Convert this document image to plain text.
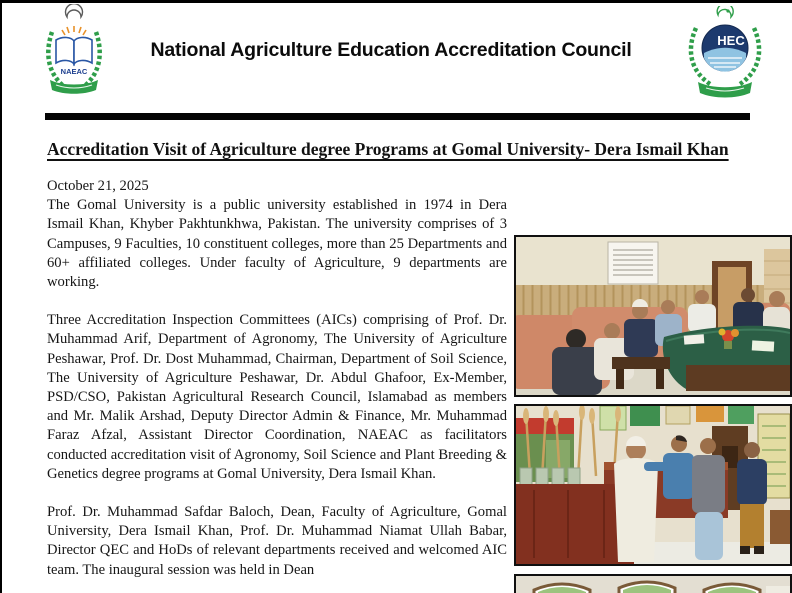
NAEAC
National Agriculture Education Accreditation Council	HEC
Accreditation Visit of Agriculture degree Programs at Gomal University- Dera Ismail Khan

October 21, 2025

The Gomal University is a public university established in 1974 in Dera Ismail Khan, Khyber Pakhtunkhwa, Pakistan. The university comprises of 3 Campuses, 9 Faculties, 10 constituent colleges, more than 25 Departments and 60+ affiliated colleges. Under faculty of Agriculture, 9 departments are working.

Three Accreditation Inspection Committees (AICs) comprising of Prof. Dr. Muhammad Arif, Department of Agronomy, The University of Agriculture Peshawar, Prof. Dr. Dost Muhammad, Chairman, Department of Soil Science, The University of Agriculture Peshawar, Dr. Abdul Ghafoor, Ex-Member, PSD/CSO, Pakistan Agricultural Research Council, Islamabad as members and Mr. Malik Arshad, Deputy Director Admin & Finance, Mr. Muhammad Faraz Afzal, Assistant Director Coordination, NAEAC as facilitators conducted accreditation visit of Agronomy, Soil Science and Plant Breeding & Genetics degree programs at Gomal University, Dera Ismail Khan.

Prof. Dr. Muhammad Safdar Baloch, Dean, Faculty of Agriculture, Gomal University, Dera Ismail Khan, Prof. Dr. Muhammad Niamat Ullah Babar, Director QEC and HoDs of relevant departments received and welcomed AIC team. The inaugural session was held in Dean
